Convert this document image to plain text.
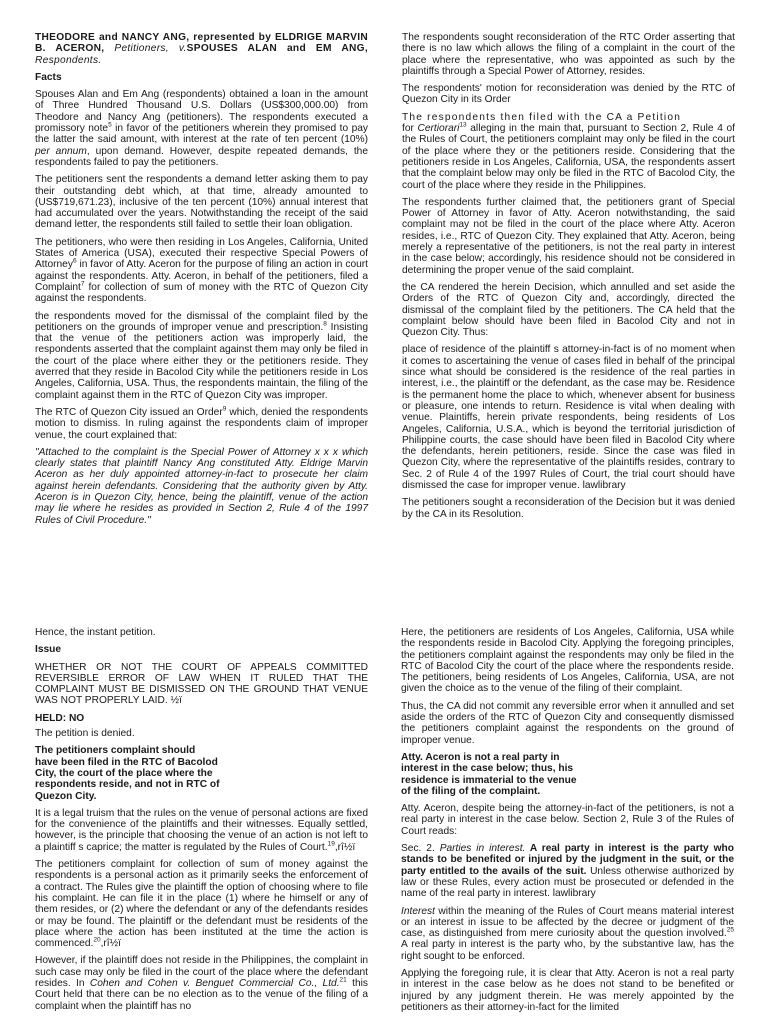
THEODORE and NANCY ANG, represented by ELDRIGE MARVIN B. ACERON, Petitioners, v.SPOUSES ALAN and EM ANG, Respondents.

Facts

Spouses Alan and Em Ang (respondents) obtained a loan in the amount of Three Hundred Thousand U.S. Dollars (US$300,000.00) from Theodore and Nancy Ang (petitioners). The respondents executed a promissory note$^5$ in favor of the petitioners wherein they promised to pay the latter the said amount, with interest at the rate of ten percent (10%) per annum, upon demand. However, despite repeated demands, the respondents failed to pay the petitioners.

The petitioners sent the respondents a demand letter asking them to pay their outstanding debt which, at that time, already amounted to (US$719,671.23), inclusive of the ten percent (10%) annual interest that had accumulated over the years. Notwithstanding the receipt of the said demand letter, the respondents still failed to settle their loan obligation.

The petitioners, who were then residing in Los Angeles, California, United States of America (USA), executed their respective Special Powers of Attorney$^6$ in favor of Atty. Aceron for the purpose of filing an action in court against the respondents. Atty. Aceron, in behalf of the petitioners, filed a Complaint$^7$ for collection of sum of money with the RTC of Quezon City against the respondents.

the respondents moved for the dismissal of the complaint filed by the petitioners on the grounds of improper venue and prescription.$^8$ Insisting that the venue of the petitioners action was improperly laid, the respondents asserted that the complaint against them may only be filed in the court of the place where either they or the petitioners reside. They averred that they reside in Bacolod City while the petitioners reside in Los Angeles, California, USA. Thus, the respondents maintain, the filing of the complaint against them in the RTC of Quezon City was improper.

The RTC of Quezon City issued an Order$^9$ which, denied the respondents motion to dismiss. In ruling against the respondents claim of improper venue, the court explained that:

"Attached to the complaint is the Special Power of Attorney x x x which clearly states that plaintiff Nancy Ang constituted Atty. Eldrige Marvin Aceron as her duly appointed attorney-in-fact to prosecute her claim against herein defendants. Considering that the authority given by Atty. Aceron is in Quezon City, hence, being the plaintiff, venue of the action may lie where he resides as provided in Section 2, Rule 4 of the 1997 Rules of Civil Procedure."

The respondents sought reconsideration of the RTC Order asserting that there is no law which allows the filing of a complaint in the court of the place where the representative, who was appointed as such by the plaintiffs through a Special Power of Attorney, resides.

The respondents' motion for reconsideration was denied by the RTC of Quezon City in its Order

The respondents then filed with the CA a Petition
for Certiorari$^{13}$ alleging in the main that, pursuant to Section 2, Rule 4 of the Rules of Court, the petitioners complaint may only be filed in the court of the place where they or the petitioners reside. Considering that the petitioners reside in Los Angeles, California, USA, the respondents assert that the complaint below may only be filed in the RTC of Bacolod City, the court of the place where they reside in the Philippines.

The respondents further claimed that, the petitioners grant of Special Power of Attorney in favor of Atty. Aceron notwithstanding, the said complaint may not be filed in the court of the place where Atty. Aceron resides, i.e., RTC of Quezon City. They explained that Atty. Aceron, being merely a representative of the petitioners, is not the real party in interest in the case below; accordingly, his residence should not be considered in determining the proper venue of the said complaint.

the CA rendered the herein Decision, which annulled and set aside the Orders of the RTC of Quezon City and, accordingly, directed the dismissal of the complaint filed by the petitioners. The CA held that the complaint below should have been filed in Bacolod City and not in Quezon City. Thus:

place of residence of the plaintiff s attorney-in-fact is of no moment when it comes to ascertaining the venue of cases filed in behalf of the principal since what should be considered is the residence of the real parties in interest, i.e., the plaintiff or the defendant, as the case may be. Residence is the permanent home the place to which, whenever absent for business or pleasure, one intends to return. Residence is vital when dealing with venue. Plaintiffs, herein private respondents, being residents of Los Angeles, California, U.S.A., which is beyond the territorial jurisdiction of Philippine courts, the case should have been filed in Bacolod City where the defendants, herein petitioners, reside. Since the case was filed in Quezon City, where the representative of the plaintiffs resides, contrary to Sec. 2 of Rule 4 of the 1997 Rules of Court, the trial court should have dismissed the case for improper venue. lawlibrary

The petitioners sought a reconsideration of the Decision but it was denied by the CA in its Resolution.

Hence, the instant petition.

Issue

WHETHER OR NOT THE COURT OF APPEALS COMMITTED REVERSIBLE ERROR OF LAW WHEN IT RULED THAT THE COMPLAINT MUST BE DISMISSED ON THE GROUND THAT VENUE WAS NOT PROPERLY LAID. ½ï

HELD: NO

The petition is denied.

The petitioners complaint should have been filed in the RTC of Bacolod City, the court of the place where the respondents reside, and not in RTC of Quezon City.

It is a legal truism that the rules on the venue of personal actions are fixed for the convenience of the plaintiffs and their witnesses. Equally settled, however, is the principle that choosing the venue of an action is not left to a plaintiff s caprice; the matter is regulated by the Rules of Court.$^{19}$,rî½ï

The petitioners complaint for collection of sum of money against the respondents is a personal action as it primarily seeks the enforcement of a contract. The Rules give the plaintiff the option of choosing where to file his complaint. He can file it in the place (1) where he himself or any of them resides, or (2) where the defendant or any of the defendants resides or may be found. The plaintiff or the defendant must be residents of the place where the action has been instituted at the time the action is commenced.$^{20}$,rî½ï

However, if the plaintiff does not reside in the Philippines, the complaint in such case may only be filed in the court of the place where the defendant resides. In Cohen and Cohen v. Benguet Commercial Co., Ltd.$^{21}$ this Court held that there can be no election as to the venue of the filing of a complaint when the plaintiff has no

Here, the petitioners are residents of Los Angeles, California, USA while the respondents reside in Bacolod City. Applying the foregoing principles, the petitioners complaint against the respondents may only be filed in the RTC of Bacolod City the court of the place where the respondents reside. The petitioners, being residents of Los Angeles, California, USA, are not given the choice as to the venue of the filing of their complaint.

Thus, the CA did not commit any reversible error when it annulled and set aside the orders of the RTC of Quezon City and consequently dismissed the petitioners complaint against the respondents on the ground of improper venue.

Atty. Aceron is not a real party in interest in the case below; thus, his residence is immaterial to the venue of the filing of the complaint.

Atty. Aceron, despite being the attorney-in-fact of the petitioners, is not a real party in interest in the case below. Section 2, Rule 3 of the Rules of Court reads:

Sec. 2. Parties in interest. A real party in interest is the party who stands to be benefited or injured by the judgment in the suit, or the party entitled to the avails of the suit. Unless otherwise authorized by law or these Rules, every action must be prosecuted or defended in the name of the real party in interest. lawlibrary

Interest within the meaning of the Rules of Court means material interest or an interest in issue to be affected by the decree or judgment of the case, as distinguished from mere curiosity about the question involved.$^{25}$ A real party in interest is the party who, by the substantive law, has the right sought to be enforced.

Applying the foregoing rule, it is clear that Atty. Aceron is not a real party in interest in the case below as he does not stand to be benefited or injured by any judgment therein. He was merely appointed by the petitioners as their attorney-in-fact for the limited
